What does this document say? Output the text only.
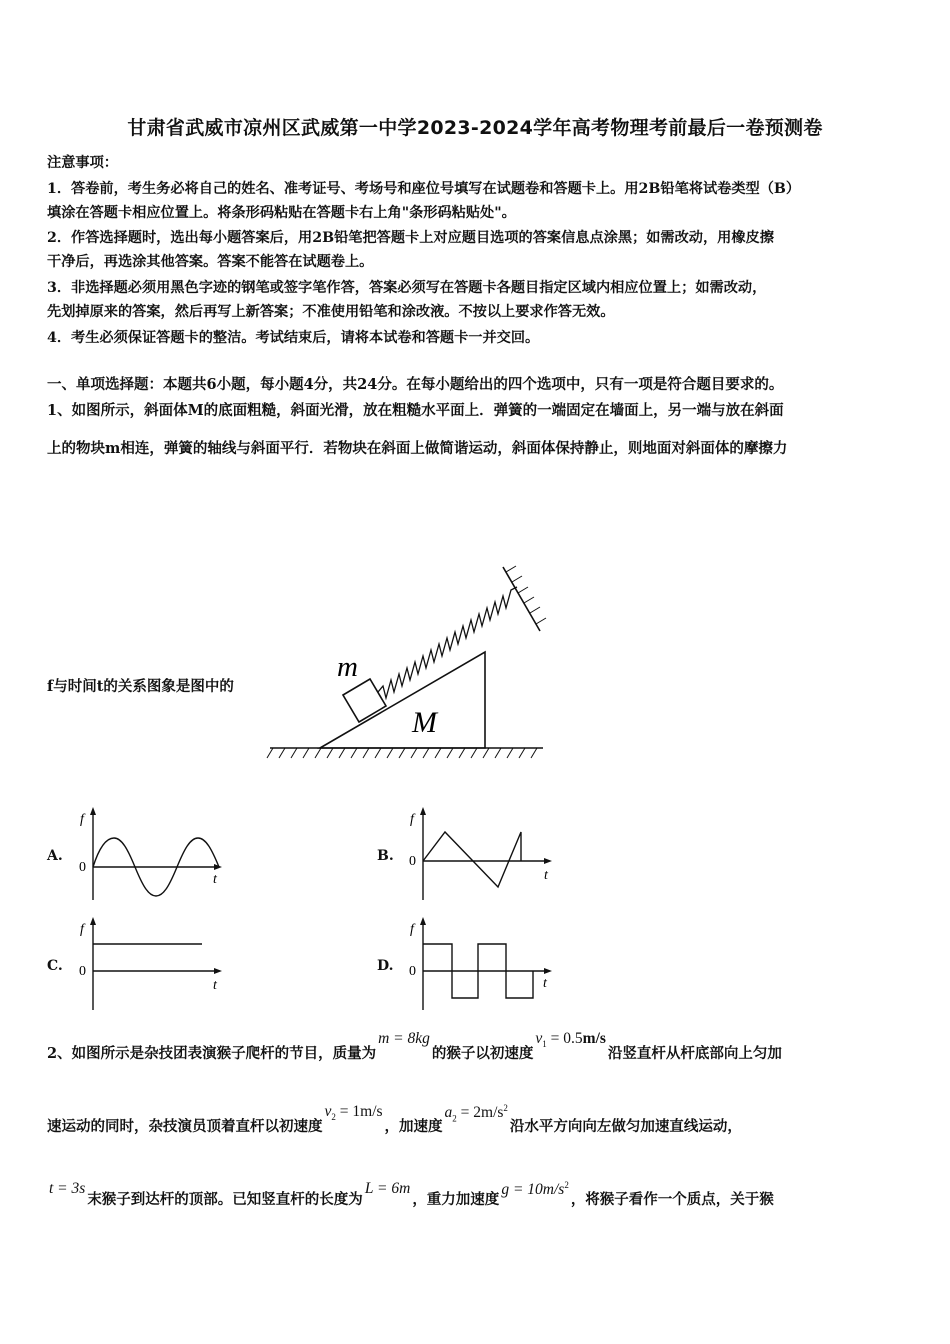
甘肃省武威市凉州区武威第一中学2023-2024学年高考物理考前最后一卷预测卷
注意事项：
1．答卷前，考生务必将自己的姓名、准考证号、考场号和座位号填写在试题卷和答题卡上。用2B铅笔将试卷类型（B）
填涂在答题卡相应位置上。将条形码粘贴在答题卡右上角"条形码粘贴处"。
2．作答选择题时，选出每小题答案后，用2B铅笔把答题卡上对应题目选项的答案信息点涂黑；如需改动，用橡皮擦
干净后，再选涂其他答案。答案不能答在试题卷上。
3．非选择题必须用黑色字迹的钢笔或签字笔作答，答案必须写在答题卡各题目指定区域内相应位置上；如需改动，
先划掉原来的答案，然后再写上新答案；不准使用铅笔和涂改液。不按以上要求作答无效。
4．考生必须保证答题卡的整洁。考试结束后，请将本试卷和答题卡一并交回。
一、单项选择题：本题共6小题，每小题4分，共24分。在每小题给出的四个选项中，只有一项是符合题目要求的。
1、如图所示，斜面体M的底面粗糙，斜面光滑，放在粗糙水平面上．弹簧的一端固定在墙面上，另一端与放在斜面
上的物块m相连，弹簧的轴线与斜面平行．若物块在斜面上做简谐运动，斜面体保持静止，则地面对斜面体的摩擦力
f与时间t的关系图象是图中的
m
M
A.
f
0
t
B.
f
0
t
C.
f
0
t
D.
f
0
t
2、如图所示是杂技团表演猴子爬杆的节目，质量为m = 8kg的猴子以初速度$v_1 = 0.5m/s$沿竖直杆从杆底部向上匀加
速运动的同时，杂技演员顶着直杆以初速度$v_2 = 1m/s$，加速度$a_2 = 2m/s^2$沿水平方向向左做匀加速直线运动，
t = 3s末猴子到达杆的顶部。已知竖直杆的长度为L = 6m，重力加速度$g = 10m/s^2$，将猴子看作一个质点，关于猴
